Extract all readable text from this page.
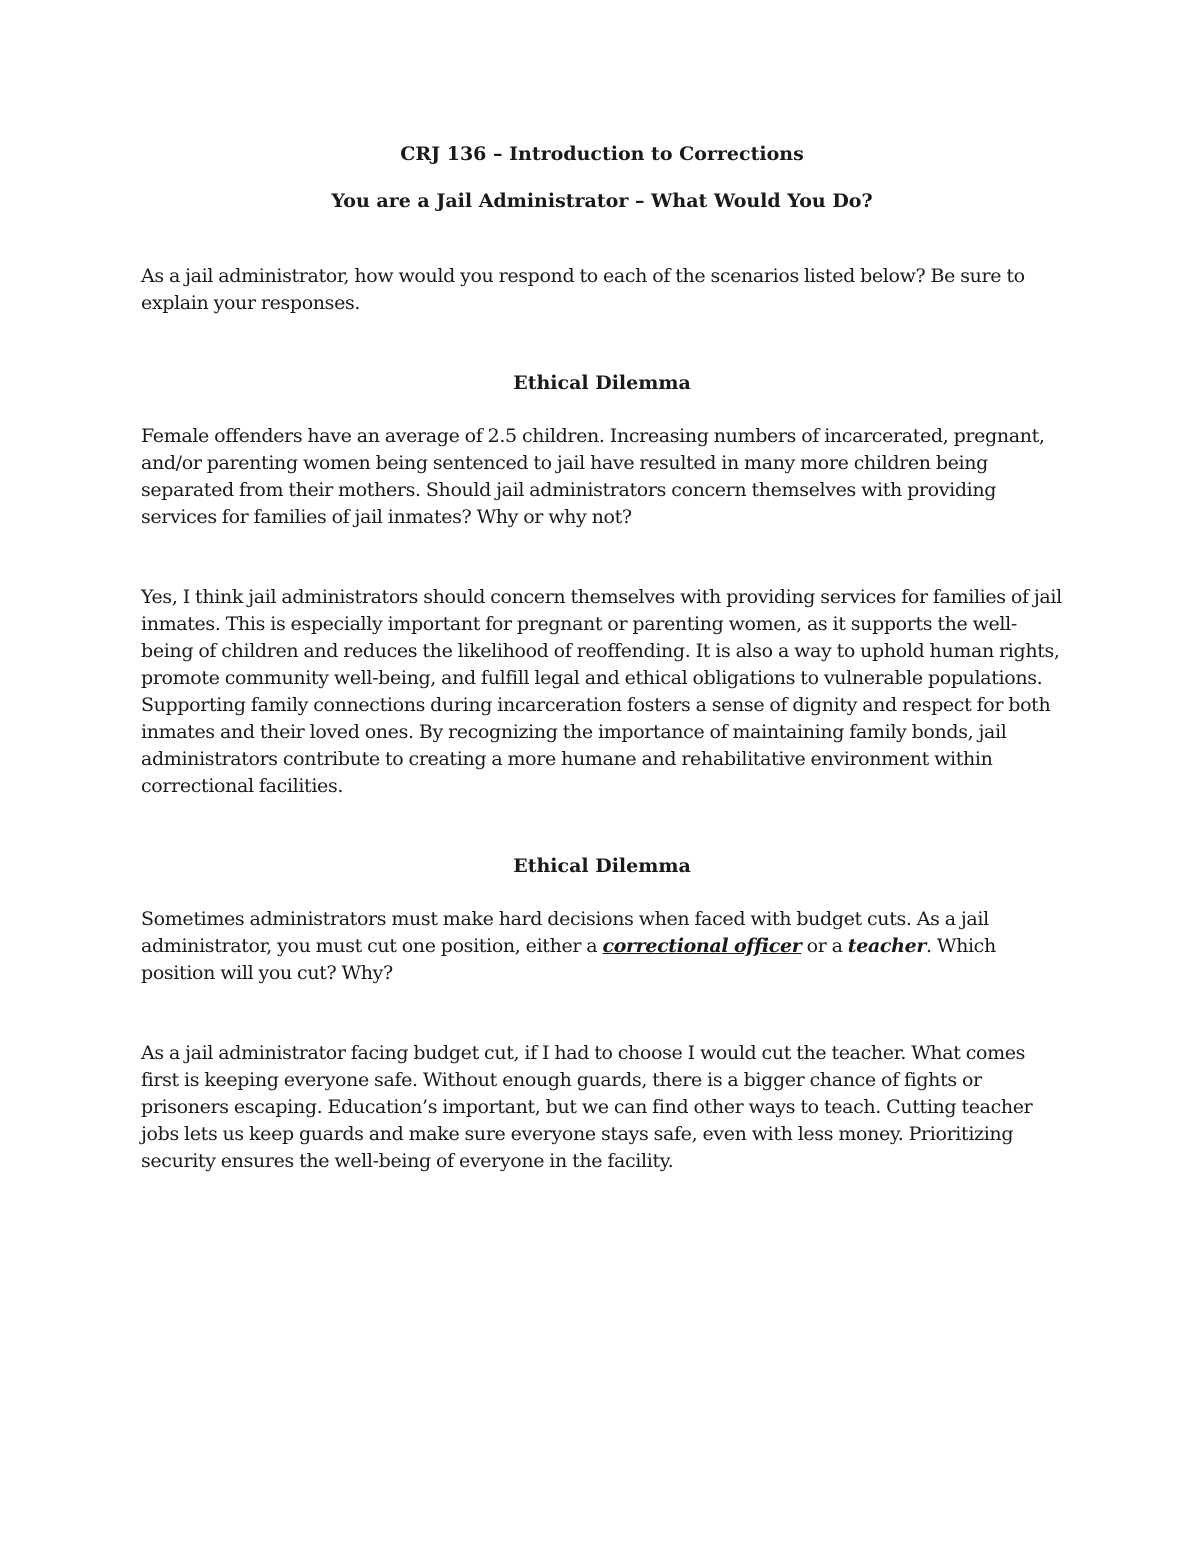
CRJ 136 – Introduction to Corrections

You are a Jail Administrator – What Would You Do?

As a jail administrator, how would you respond to each of the scenarios listed below? Be sure to explain your responses.

Ethical Dilemma

Female offenders have an average of 2.5 children. Increasing numbers of incarcerated, pregnant, and/or parenting women being sentenced to jail have resulted in many more children being separated from their mothers. Should jail administrators concern themselves with providing services for families of jail inmates? Why or why not?

Yes, I think jail administrators should concern themselves with providing services for families of jail inmates. This is especially important for pregnant or parenting women, as it supports the well-being of children and reduces the likelihood of reoffending. It is also a way to uphold human rights, promote community well-being, and fulfill legal and ethical obligations to vulnerable populations. Supporting family connections during incarceration fosters a sense of dignity and respect for both inmates and their loved ones. By recognizing the importance of maintaining family bonds, jail administrators contribute to creating a more humane and rehabilitative environment within correctional facilities.

Ethical Dilemma

Sometimes administrators must make hard decisions when faced with budget cuts. As a jail administrator, you must cut one position, either a correctional officer or a teacher. Which position will you cut? Why?

As a jail administrator facing budget cut, if I had to choose I would cut the teacher. What comes first is keeping everyone safe. Without enough guards, there is a bigger chance of fights or prisoners escaping. Education’s important, but we can find other ways to teach. Cutting teacher jobs lets us keep guards and make sure everyone stays safe, even with less money. Prioritizing security ensures the well-being of everyone in the facility.
